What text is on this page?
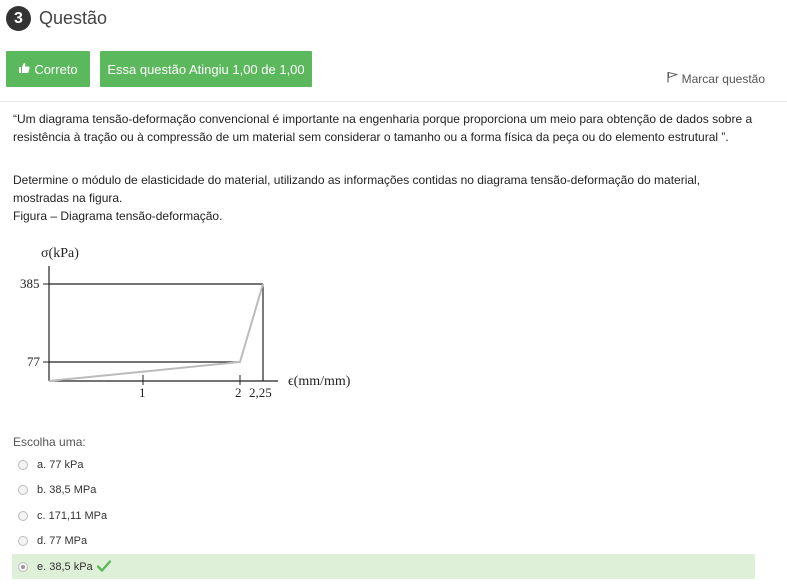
3 Questão
Correto Essa questão Atingiu 1,00 de 1,00
Marcar questão
“Um diagrama tensão-deformação convencional é importante na engenharia porque proporciona um meio para obtenção de dados sobre a resistência à tração ou à compressão de um material sem considerar o tamanho ou a forma física da peça ou do elemento estrutural ”.
Determine o módulo de elasticidade do material, utilizando as informações contidas no diagrama tensão-deformação do material, mostradas na figura.
Figura – Diagrama tensão-deformação.
σ(kPa)
385
77
1	2 2,25
ϵ(mm/mm)
Escolha uma:
a. 77 kPa
b. 38,5 MPa
c. 171,11 MPa
d. 77 MPa
e. 38,5 kPa
